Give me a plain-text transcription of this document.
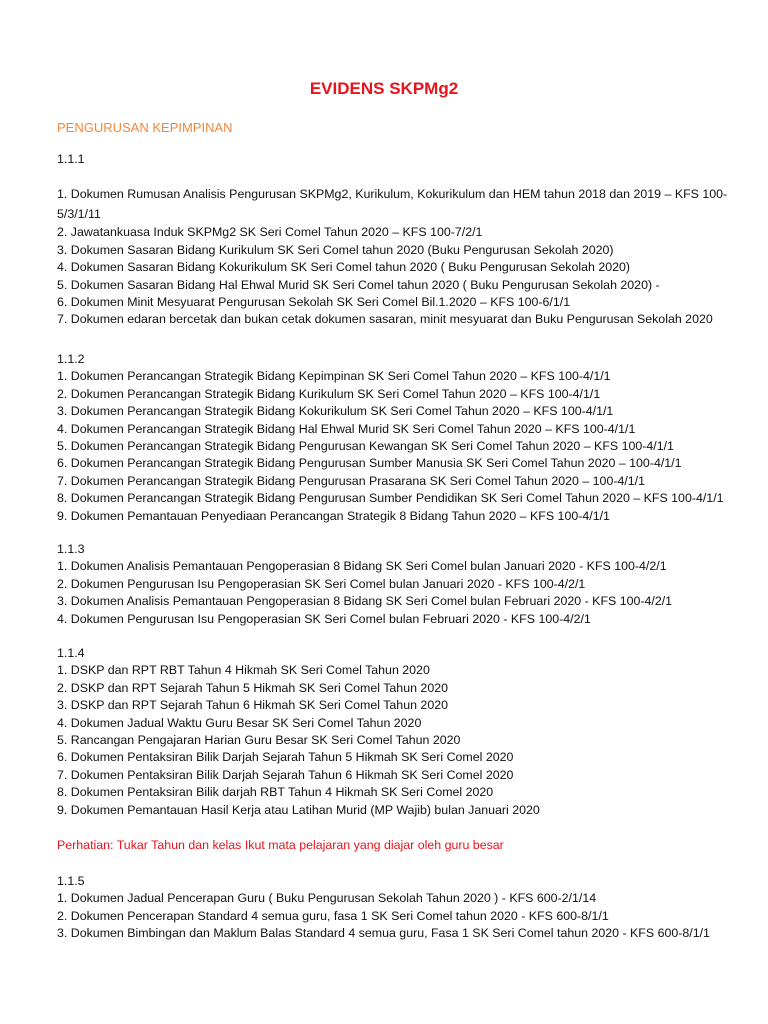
EVIDENS SKPMg2
PENGURUSAN KEPIMPINAN
1.1.1
1. Dokumen Rumusan Analisis Pengurusan SKPMg2, Kurikulum, Kokurikulum dan HEM tahun 2018 dan 2019 – KFS 100-5/3/1/11
2. Jawatankuasa Induk SKPMg2 SK Seri Comel Tahun 2020 – KFS 100-7/2/1
3. Dokumen Sasaran Bidang Kurikulum SK Seri Comel tahun 2020 (Buku Pengurusan Sekolah 2020)
4. Dokumen Sasaran Bidang Kokurikulum SK Seri Comel tahun 2020 ( Buku Pengurusan Sekolah 2020)
5. Dokumen Sasaran Bidang Hal Ehwal Murid SK Seri Comel tahun 2020 ( Buku Pengurusan Sekolah 2020) -
6. Dokumen Minit Mesyuarat Pengurusan Sekolah SK Seri Comel Bil.1.2020 – KFS 100-6/1/1
7. Dokumen edaran bercetak dan bukan cetak dokumen sasaran, minit mesyuarat dan Buku Pengurusan Sekolah 2020
1.1.2
1. Dokumen Perancangan Strategik Bidang Kepimpinan SK Seri Comel Tahun 2020 – KFS 100-4/1/1
2. Dokumen Perancangan Strategik Bidang Kurikulum SK Seri Comel Tahun 2020 – KFS 100-4/1/1
3. Dokumen Perancangan Strategik Bidang Kokurikulum SK Seri Comel Tahun 2020 – KFS 100-4/1/1
4. Dokumen Perancangan Strategik Bidang Hal Ehwal Murid SK Seri Comel Tahun 2020 – KFS 100-4/1/1
5. Dokumen Perancangan Strategik Bidang Pengurusan Kewangan SK Seri Comel Tahun 2020 – KFS 100-4/1/1
6. Dokumen Perancangan Strategik Bidang Pengurusan Sumber Manusia SK Seri Comel Tahun 2020 – 100-4/1/1
7. Dokumen Perancangan Strategik Bidang Pengurusan Prasarana SK Seri Comel Tahun 2020 – 100-4/1/1
8. Dokumen Perancangan Strategik Bidang Pengurusan Sumber Pendidikan SK Seri Comel Tahun 2020 – KFS 100-4/1/1
9. Dokumen Pemantauan Penyediaan Perancangan Strategik 8 Bidang Tahun 2020 – KFS 100-4/1/1
1.1.3
1. Dokumen Analisis Pemantauan Pengoperasian 8 Bidang SK Seri Comel bulan Januari 2020 - KFS 100-4/2/1
2. Dokumen Pengurusan Isu Pengoperasian SK Seri Comel bulan Januari 2020 - KFS 100-4/2/1
3. Dokumen Analisis Pemantauan Pengoperasian 8 Bidang SK Seri Comel bulan Februari 2020 - KFS 100-4/2/1
4. Dokumen Pengurusan Isu Pengoperasian SK Seri Comel bulan Februari 2020 - KFS 100-4/2/1
1.1.4
1. DSKP dan RPT RBT Tahun 4 Hikmah SK Seri Comel Tahun 2020
2. DSKP dan RPT Sejarah Tahun 5 Hikmah SK Seri Comel Tahun 2020
3. DSKP dan RPT Sejarah Tahun 6 Hikmah SK Seri Comel Tahun 2020
4. Dokumen Jadual Waktu Guru Besar SK Seri Comel Tahun 2020
5. Rancangan Pengajaran Harian Guru Besar SK Seri Comel Tahun 2020
6. Dokumen Pentaksiran Bilik Darjah Sejarah Tahun 5 Hikmah SK Seri Comel 2020
7. Dokumen Pentaksiran Bilik Darjah Sejarah Tahun 6 Hikmah SK Seri Comel 2020
8. Dokumen Pentaksiran Bilik darjah RBT Tahun 4 Hikmah SK Seri Comel 2020
9. Dokumen Pemantauan Hasil Kerja atau Latihan Murid (MP Wajib) bulan Januari 2020
Perhatian: Tukar Tahun dan kelas Ikut mata pelajaran yang diajar oleh guru besar
1.1.5
1. Dokumen Jadual Pencerapan Guru ( Buku Pengurusan Sekolah Tahun 2020 ) - KFS 600-2/1/14
2. Dokumen Pencerapan Standard 4 semua guru, fasa 1 SK Seri Comel tahun 2020 - KFS 600-8/1/1
3. Dokumen Bimbingan dan Maklum Balas Standard 4 semua guru, Fasa 1 SK Seri Comel tahun 2020 - KFS 600-8/1/1
